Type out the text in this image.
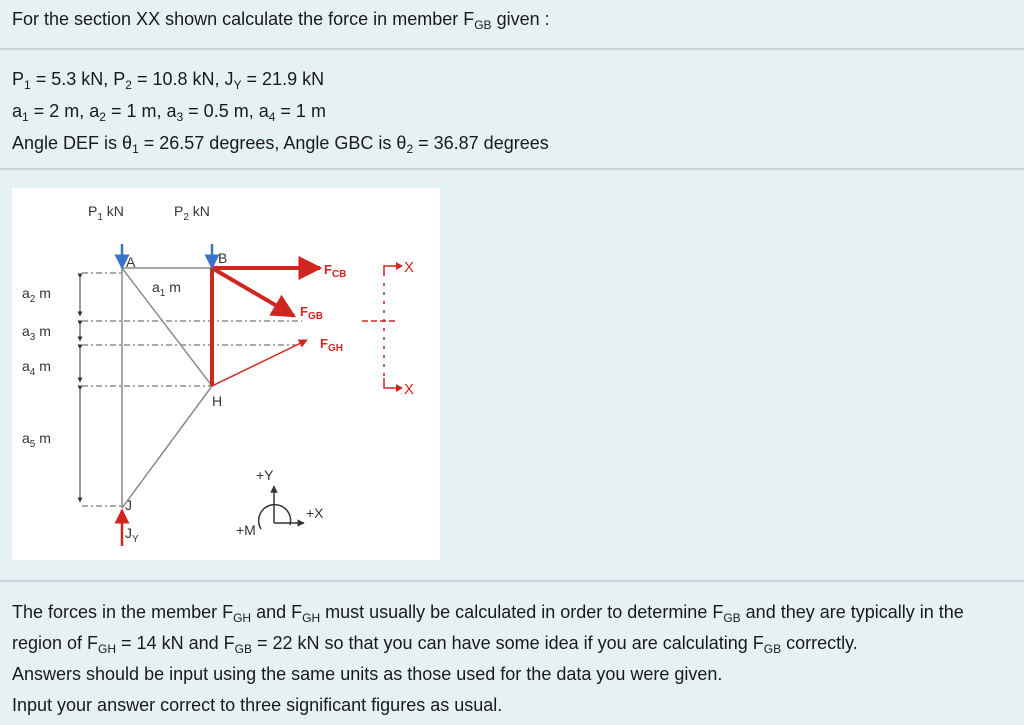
For the section XX shown calculate the force in member $F_{GB}$ given :
$P_1 = 5.3$ kN, $P_2 = 10.8$ kN, $J_Y = 21.9$ kN
$a_1 = 2$ m, $a_2 = 1$ m, $a_3 = 0.5$ m, $a_4 = 1$ m
Angle DEF is $\theta_1 = 26.57$ degrees, Angle GBC is $\theta_2 = 36.87$ degrees
$P_1$ kN	$P_2$ kN
A	B
H
J
$a_1$ m
$a_2$ m
$a_3$ m
$a_4$ m
$a_5$ m
$F_{CB}$
$F_{GB}$
$F_{GH}$
X
X
$J_Y$
+Y
+X
+M

The forces in the member $F_{GH}$ and $F_{GH}$ must usually be calculated in order to determine $F_{GB}$ and they are typically in the region of $F_{GH} = 14$ kN and $F_{GB} = 22$ kN so that you can have some idea if you are calculating $F_{GB}$ correctly.

Answers should be input using the same units as those used for the data you were given.

Input your answer correct to three significant figures as usual.
